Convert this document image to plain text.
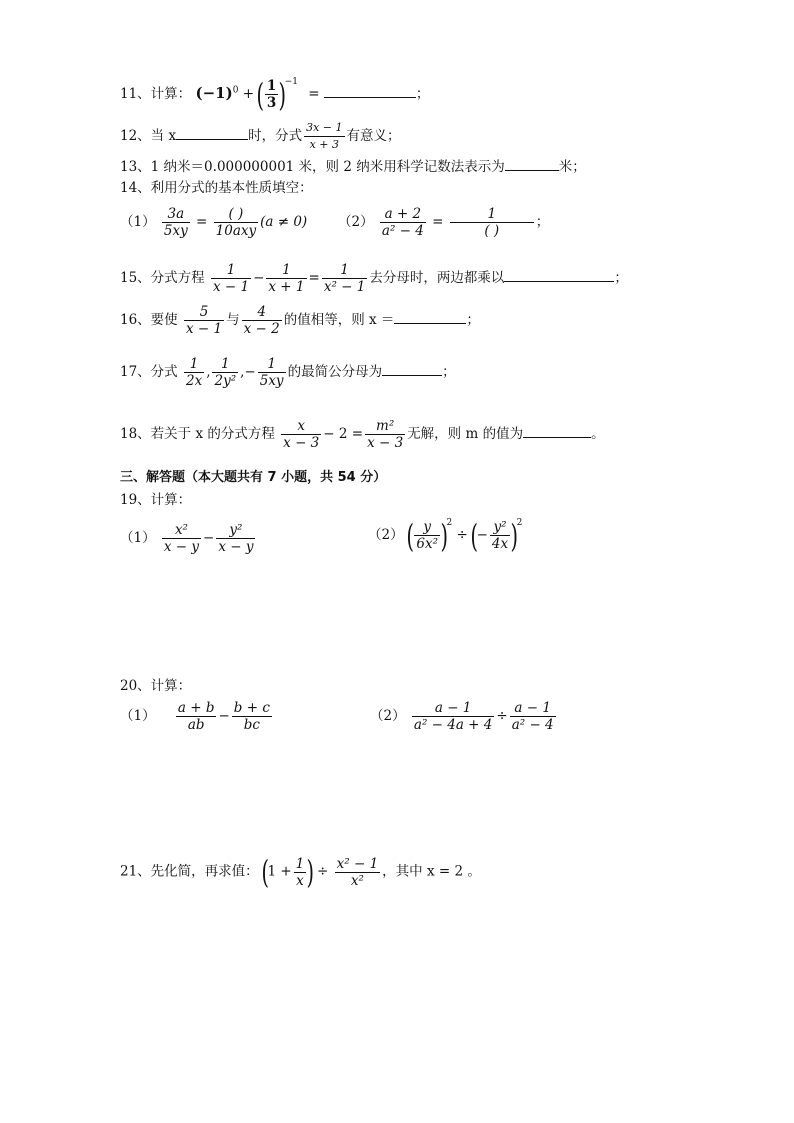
11、计算： $(-1)^0$ + ( $\frac{1}{3} )^{-1}$ =	；
12、当 x	时，分式 $\frac{3x - 1}{x + 3}$ 有意义；
13、1 纳米＝0.000000001 米，则 2 纳米用科学记数法表示为	米；
14、利用分式的基本性质填空：
$(1) \frac{3a}{5xy} = \frac{( )}{\text{10axy}} (a \ne 0)$ $(2) \frac{a + 2}{\text{a² − 4}} = \frac{1}{( )}$ ；
15、分式方程 $\frac{1}{x - 1} - \frac{1}{x + 1} = \frac{1}{\text{x² − 1}}$ 去分母时，两边都乘以	；
16、要使 $\frac{5}{x - 1}$ 与 $\frac{4}{x - 2}$ 的值相等，则 x ＝	；
17、分式 $\frac{1}{2x}$ , $\frac{1}{\text{2y²}}$ ,− $\frac{1}{5xy}$ 的最简公分母为	；
18、若关于 x 的分式方程 $\frac{x}{x - 3} - 2 = \frac{\text{m²}}{x - 3}$ 无解，则 m 的值为	。
三、解答题（本大题共有 7 小题，共 54 分）
19、计算：
$(1) \frac{\text{x²}}{x - y} - \frac{\text{y²}}{x - y}$	（2） ( $\frac{y}{\text{6x²}} )^2$ ÷ (− $\frac{\text{y²}}{4x} )^2$
20、计算：
$(1) \frac{a + b}{ab} - \frac{b + c}{bc}$	$(2) \frac{a - 1}{\text{a² − 4a + 4}} \div \frac{a - 1}{\text{a² − 4}}$
21、先化简，再求值： ($1 + \frac{1}{x}$ ) ÷ $\frac{\text{x² − 1}}{\text{x²}}$ ，其中 x = 2 。
